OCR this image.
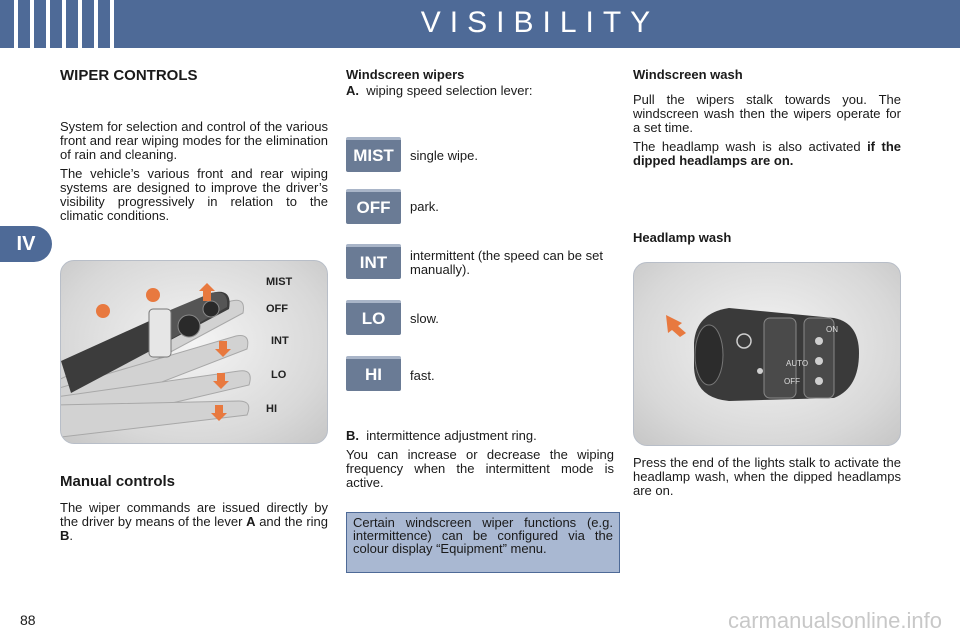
VISIBILITY
IV
WIPER CONTROLS

System for selection and control of the various front and rear wiping modes for the elimination of rain and cleaning.

The vehicle’s various front and rear wiping systems are designed to improve the driver’s visibility progressively in relation to the climatic conditions.

MIST
OFF
INT
LO
HI
Manual controls
The wiper commands are issued directly by the driver by means of the lever A and the ring B.
Windscreen wipers
A. wiping speed selection lever:
MIST	single wipe.
OFF	park.
INT	intermittent (the speed can be set manually).
LO	slow.
HI	fast.
B. intermittence adjustment ring.
You can increase or decrease the wiping frequency when the intermittent mode is active.
Certain windscreen wiper functions (e.g. intermittence) can be configured via the colour display “Equipment” menu.
Windscreen wash

Pull the wipers stalk towards you. The windscreen wash then the wipers operate for a set time.

The headlamp wash is also activated if the dipped headlamps are on.

Headlamp wash
ON
AUTO
OFF
Press the end of the lights stalk to activate the headlamp wash, when the dipped headlamps are on.
88	carmanualsonline.info
